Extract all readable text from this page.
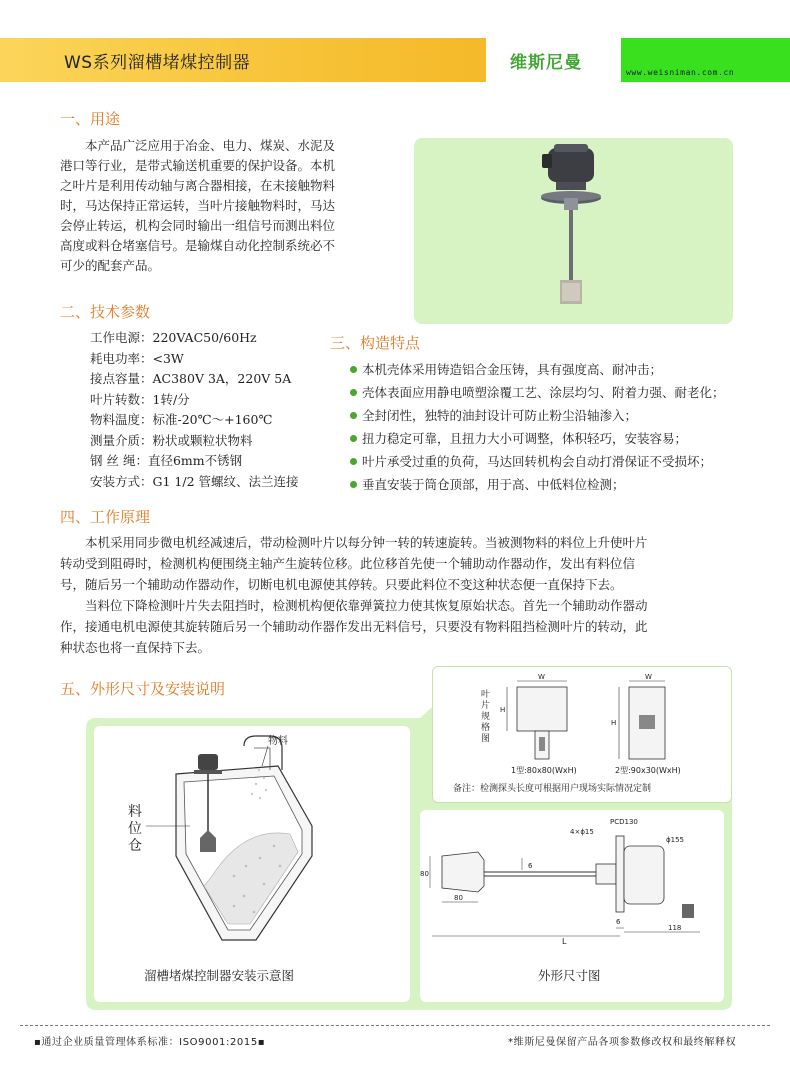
WS系列溜槽堵煤控制器	维斯尼曼	www.weisniman.com.cn
一、用途
本产品广泛应用于冶金、电力、煤炭、水泥及
港口等行业，是带式输送机重要的保护设备。本机
之叶片是利用传动轴与离合器相接，在未接触物料
时，马达保持正常运转，当叶片接触物料时，马达
会停止转运，机构会同时输出一组信号而测出料位
高度或料仓堵塞信号。是输煤自动化控制系统必不
可少的配套产品。
二、技术参数
工作电源：220VAC50/60Hz
耗电功率：<3W
接点容量：AC380V 3A，220V 5A
叶片转数：1转/分
物料温度：标准-20℃～+160℃
测量介质：粉状或颗粒状物料
钢 丝 绳：直径6mm不锈钢
安装方式：G1 1/2 管螺纹、法兰连接
三、构造特点
本机壳体采用铸造铝合金压铸，具有强度高、耐冲击；
壳体表面应用静电喷塑涂覆工艺、涂层均匀、附着力强、耐老化；
全封闭性，独特的油封设计可防止粉尘沿轴渗入；
扭力稳定可靠，且扭力大小可调整，体积轻巧，安装容易；
叶片承受过重的负荷，马达回转机构会自动打滑保证不受损坏；
垂直安装于筒仓顶部，用于高、中低料位检测；
四、工作原理
本机采用同步微电机经减速后，带动检测叶片以每分钟一转的转速旋转。当被测物料的料位上升使叶片
转动受到阻碍时，检测机构便围绕主轴产生旋转位移。此位移首先使一个辅助动作器动作，发出有料位信
号，随后另一个辅助动作器动作，切断电机电源使其停转。只要此料位不变这种状态便一直保持下去。
当料位下降检测叶片失去阻挡时，检测机构便依靠弹簧拉力使其恢复原始状态。首先一个辅助动作器动
作，接通电机电源使其旋转随后另一个辅助动作器作发出无料信号，只要没有物料阻挡检测叶片的转动，此
种状态也将一直保持下去。
五、外形尺寸及安装说明	叶
片
规
格
图
W
H
1型:80x80(WxH)
W
H
2型:90x30(WxH)
备注：检测探头长度可根据用户现场实际情况定制
物料
料
位
仓
PCD130
4×ϕ15
ϕ155
6
80
80
L
6
118
溜槽堵煤控制器安装示意图	外形尺寸图
▪通过企业质量管理体系标准：ISO9001:2015▪	*维斯尼曼保留产品各项参数修改权和最终解释权
